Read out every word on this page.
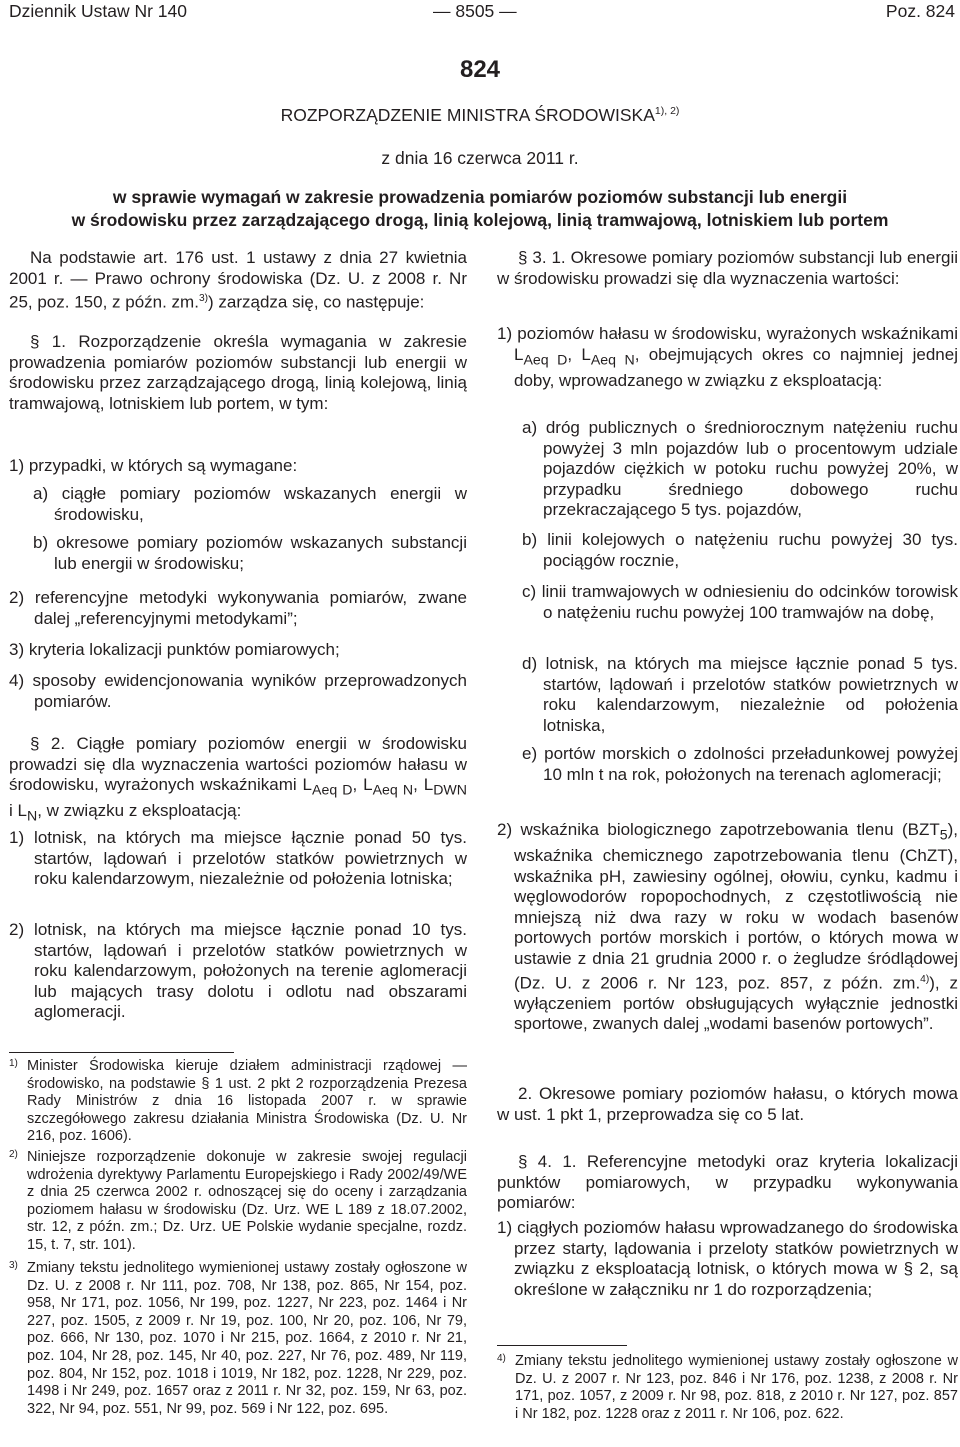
Dziennik Ustaw Nr 140	— 8505 —	Poz. 824
824
ROZPORZĄDZENIE MINISTRA $ŚRODOWISKA^{1), 2)}$
z dnia 16 czerwca 2011 r.
w sprawie wymagań w zakresie prowadzenia pomiarów poziomów substancji lub energii
w środowisku przez zarządzającego drogą, linią kolejową, linią tramwajową, lotniskiem lub portem

Na podstawie art. 176 ust. 1 ustawy z dnia 27 kwietnia 2001 r. — Prawo ochrony środowiska (Dz. U. z 2008 r. Nr 25, poz. 150, z późn. zm.$^{3)}$) zarządza się, co następuje:

§ 1. Rozporządzenie określa wymagania w zakresie prowadzenia pomiarów poziomów substancji lub energii w środowisku przez zarządzającego drogą, linią kolejową, linią tramwajową, lotniskiem lub portem, w tym:

1) przypadki, w których są wymagane:

a) ciągłe pomiary poziomów wskazanych energii w środowisku,

b) okresowe pomiary poziomów wskazanych substancji lub energii w środowisku;

2) referencyjne metodyki wykonywania pomiarów, zwane dalej „referencyjnymi metodykami”;

3) kryteria lokalizacji punktów pomiarowych;

4) sposoby ewidencjonowania wyników przeprowadzonych pomiarów.

§ 2. Ciągłe pomiary poziomów energii w środowisku prowadzi się dla wyznaczenia wartości poziomów hałasu w środowisku, wyrażonych wskaźnikami $L_{Aeq D}$, $L_{Aeq N}$, $L_{DWN}$ i $L_N$, w związku z eksploatacją:

1) lotnisk, na których ma miejsce łącznie ponad 50 tys. startów, lądowań i przelotów statków powietrznych w roku kalendarzowym, niezależnie od położenia lotniska;

2) lotnisk, na których ma miejsce łącznie ponad 10 tys. startów, lądowań i przelotów statków powietrznych w roku kalendarzowym, położonych na terenie aglomeracji lub mających trasy dolotu i odlotu nad obszarami aglomeracji.

1) Minister Środowiska kieruje działem administracji rządowej — środowisko, na podstawie § 1 ust. 2 pkt 2 rozporządzenia Prezesa Rady Ministrów z dnia 16 listopada 2007 r. w sprawie szczegółowego zakresu działania Ministra Środowiska (Dz. U. Nr 216, poz. 1606).

2) Niniejsze rozporządzenie dokonuje w zakresie swojej regulacji wdrożenia dyrektywy Parlamentu Europejskiego i Rady 2002/49/WE z dnia 25 czerwca 2002 r. odnoszącej się do oceny i zarządzania poziomem hałasu w środowisku (Dz. Urz. WE L 189 z 18.07.2002, str. 12, z późn. zm.; Dz. Urz. UE Polskie wydanie specjalne, rozdz. 15, t. 7, str. 101).

3) Zmiany tekstu jednolitego wymienionej ustawy zostały ogłoszone w Dz. U. z 2008 r. Nr 111, poz. 708, Nr 138, poz. 865, Nr 154, poz. 958, Nr 171, poz. 1056, Nr 199, poz. 1227, Nr 223, poz. 1464 i Nr 227, poz. 1505, z 2009 r. Nr 19, poz. 100, Nr 20, poz. 106, Nr 79, poz. 666, Nr 130, poz. 1070 i Nr 215, poz. 1664, z 2010 r. Nr 21, poz. 104, Nr 28, poz. 145, Nr 40, poz. 227, Nr 76, poz. 489, Nr 119, poz. 804, Nr 152, poz. 1018 i 1019, Nr 182, poz. 1228, Nr 229, poz. 1498 i Nr 249, poz. 1657 oraz z 2011 r. Nr 32, poz. 159, Nr 63, poz. 322, Nr 94, poz. 551, Nr 99, poz. 569 i Nr 122, poz. 695.

§ 3. 1. Okresowe pomiary poziomów substancji lub energii w środowisku prowadzi się dla wyznaczenia wartości:

1) poziomów hałasu w środowisku, wyrażonych wskaźnikami $L_{Aeq D}$, $L_{Aeq N}$, obejmujących okres co najmniej jednej doby, wprowadzanego w związku z eksploatacją:

a) dróg publicznych o średniorocznym natężeniu ruchu powyżej 3 mln pojazdów lub o procentowym udziale pojazdów ciężkich w potoku ruchu powyżej 20%, w przypadku średniego dobowego ruchu przekraczającego 5 tys. pojazdów,

b) linii kolejowych o natężeniu ruchu powyżej 30 tys. pociągów rocznie,

c) linii tramwajowych w odniesieniu do odcinków torowisk o natężeniu ruchu powyżej 100 tramwajów na dobę,

d) lotnisk, na których ma miejsce łącznie ponad 5 tys. startów, lądowań i przelotów statków powietrznych w roku kalendarzowym, niezależnie od położenia lotniska,

e) portów morskich o zdolności przeładunkowej powyżej 10 mln t na rok, położonych na terenach aglomeracji;

2) wskaźnika biologicznego zapotrzebowania tlenu $(BZT_5)$, wskaźnika chemicznego zapotrzebowania tlenu (ChZT), wskaźnika pH, zawiesiny ogólnej, ołowiu, cynku, kadmu i węglowodorów ropopochodnych, z częstotliwością nie mniejszą niż dwa razy w roku w wodach basenów portowych portów morskich i portów, o których mowa w ustawie z dnia 21 grudnia 2000 r. o żegludze śródlądowej (Dz. U. z 2006 r. Nr 123, poz. 857, z późn. zm.$^{4)}$), z wyłączeniem portów obsługujących wyłącznie jednostki sportowe, zwanych dalej „wodami basenów portowych”.

2. Okresowe pomiary poziomów hałasu, o których mowa w ust. 1 pkt 1, przeprowadza się co 5 lat.

§ 4. 1. Referencyjne metodyki oraz kryteria lokalizacji punktów pomiarowych, w przypadku wykonywania pomiarów:

1) ciągłych poziomów hałasu wprowadzanego do środowiska przez starty, lądowania i przeloty statków powietrznych w związku z eksploatacją lotnisk, o których mowa w § 2, są określone w załączniku nr 1 do rozporządzenia;

4) Zmiany tekstu jednolitego wymienionej ustawy zostały ogłoszone w Dz. U. z 2007 r. Nr 123, poz. 846 i Nr 176, poz. 1238, z 2008 r. Nr 171, poz. 1057, z 2009 r. Nr 98, poz. 818, z 2010 r. Nr 127, poz. 857 i Nr 182, poz. 1228 oraz z 2011 r. Nr 106, poz. 622.
